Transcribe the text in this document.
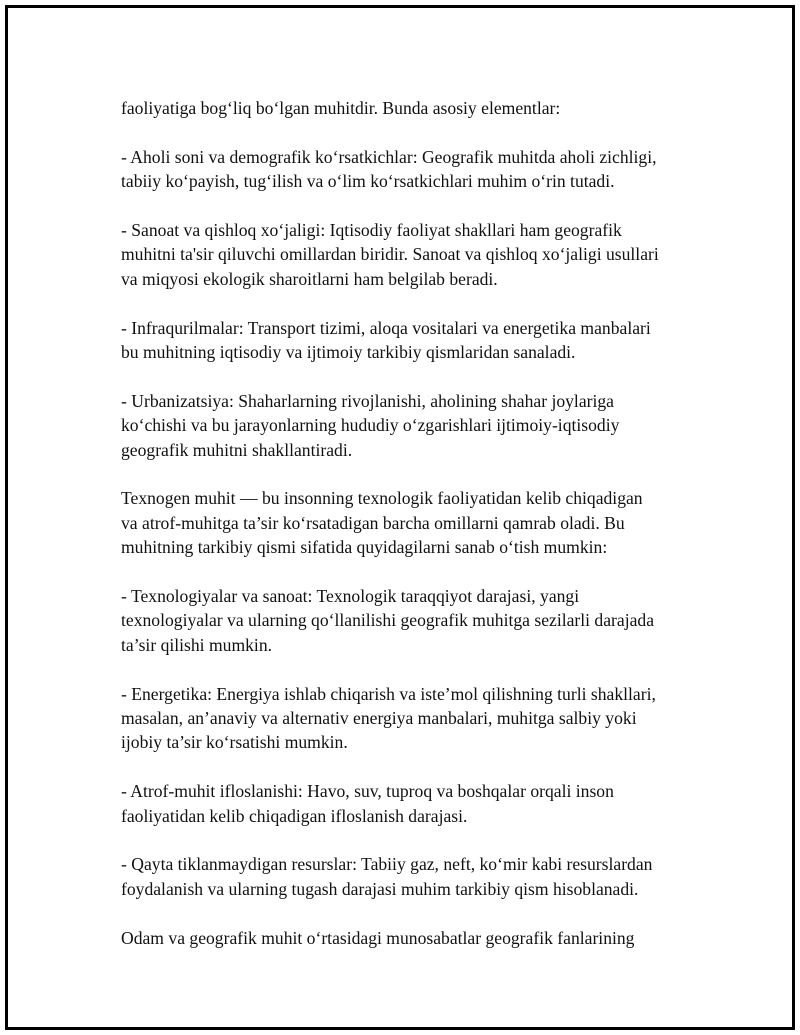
faoliyatiga bog‘liq bo‘lgan muhitdir. Bunda asosiy elementlar:

- Aholi soni va demografik ko‘rsatkichlar: Geografik muhitda aholi zichligi,
tabiiy ko‘payish, tug‘ilish va o‘lim ko‘rsatkichlari muhim o‘rin tutadi.

- Sanoat va qishloq xo‘jaligi: Iqtisodiy faoliyat shakllari ham geografik
muhitni ta'sir qiluvchi omillardan biridir. Sanoat va qishloq xo‘jaligi usullari
va miqyosi ekologik sharoitlarni ham belgilab beradi.

- Infraqurilmalar: Transport tizimi, aloqa vositalari va energetika manbalari
bu muhitning iqtisodiy va ijtimoiy tarkibiy qismlaridan sanaladi.

- Urbanizatsiya: Shaharlarning rivojlanishi, aholining shahar joylariga
ko‘chishi va bu jarayonlarning hududiy o‘zgarishlari ijtimoiy-iqtisodiy
geografik muhitni shakllantiradi.

Texnogen muhit — bu insonning texnologik faoliyatidan kelib chiqadigan
va atrof-muhitga ta’sir ko‘rsatadigan barcha omillarni qamrab oladi. Bu
muhitning tarkibiy qismi sifatida quyidagilarni sanab o‘tish mumkin:

- Texnologiyalar va sanoat: Texnologik taraqqiyot darajasi, yangi
texnologiyalar va ularning qo‘llanilishi geografik muhitga sezilarli darajada
ta’sir qilishi mumkin.

- Energetika: Energiya ishlab chiqarish va iste’mol qilishning turli shakllari,
masalan, an’anaviy va alternativ energiya manbalari, muhitga salbiy yoki
ijobiy ta’sir ko‘rsatishi mumkin.

- Atrof-muhit ifloslanishi: Havo, suv, tuproq va boshqalar orqali inson
faoliyatidan kelib chiqadigan ifloslanish darajasi.

- Qayta tiklanmaydigan resurslar: Tabiiy gaz, neft, ko‘mir kabi resurslardan
foydalanish va ularning tugash darajasi muhim tarkibiy qism hisoblanadi.

Odam va geografik muhit o‘rtasidagi munosabatlar geografik fanlarining
